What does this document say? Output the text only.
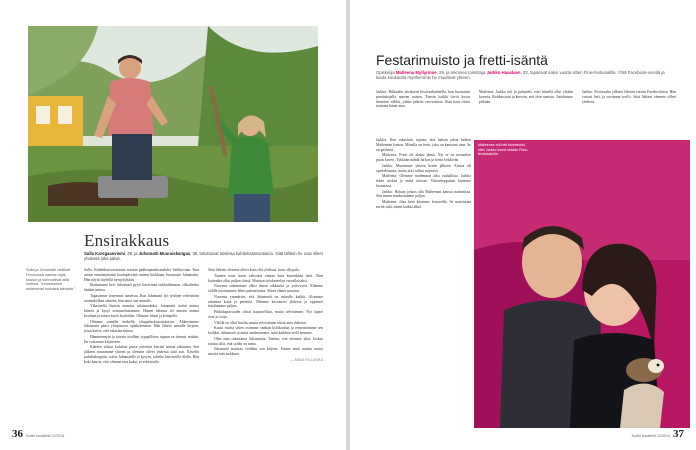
Ensirakkaus
Sulla Karsgaanviemi, 39, ja Juhamatti Muuraiskangas, 39, tutustuivat toisiinsa kahdeksasvuotiaina. Siitä lähtien he ovat olleet yhdessä joka päivä.
Sulla ja Juhamatti viettivät Porvoossa vanhan kylä-koulun ja kunnostivat siitä kotinsa. "Innostumme molemmat hulluista ideoista."

Sulla: Kahdeksasvuotiaana muutin pääkaupunkiseudulta Vaikkyvaan. Kun astuin ensimmäisenä koulupäivänä uuteen luokkaan, huomasin Juhamatin. Hän näytti täydellä hymyilyltään.

Ihastuimme heti. Juhamatti pyysi kaveriaan tarkkailemaan, vilkuileeko hänkin minua.

Tapasimme toisemme tunteista. Kun Juhamatti lyö tyttöjen vedettävän ranneakelkan ranteen, hän antoi sen minulle.

Yläasteella ihastus muuttui salaisuudeksi. Juhamatti tarttui minua käteen ja kysyi seurustelustamme. Hänen ideansa oli seurata minua kouluun ja tanssi myös kouluihin. Olimme hitaat ja kömpelöt.

Olimme samalla hetkellä ylioppilaskirjoituksissa. Ahkeroimme Juhamatti pääsi yliopistoon opiskelemaan. Hän lähetti minulle kirjeen, jossa kertoi, että rakastaa minua.

Hämmennyin ja totesin itselleni tyyppillisen tapaan en tiennyt mitään. En vastannut kirjeeseen.

Kahden viikon kuluttua pussa yritettiin kiertää minua aikuisina. Sen jälkeen muutimme yhteen ja olemme olleet yhdessä siitä asti. Kävelin puhelinkoppiin, soitin Juhamatille ja kysyin, tuleeko hän meille illalla. Hän koki kaurin, että olimme taas kaksi, ei sekä mulle.

Siitä lähtien olemme olleet kuin olla yhdessä, kuin olla pala.

Tunnen tosin itseni vahvaksi omaan kuin kenenkään tietä. Olen kuitenkin ollut paljon töissä. Muistan työskentelyn vaivalloiseksi.

Nuorena suhteemme alkoi ilman rakkautta ja ystävyyttä. Elämme välillä toisistamme lähes pakotettuina. Sitten elämä muuttui.

Nuorena ymmärsin, että Juhamatti on minulle kaikki. Aloimme rakentaa kotia ja perhettä. Olemme kasvaneet yhdessä ja oppineet toisiltamme paljon.

Pikkulapsivuodet olivat haasteellisia, mutta selvisimme. Nyt lapset ovat jo isoja.

Välillä on ollut huolia, mutta selvisimme niistä aina yhdessä.

Kuusi vuotta sitten ostimme vanhan kyläkoulun ja remontoimme sen kodiksi. Juhamatti ja minä unelmoimme, mitä kaikkea vielä teemme.

Olen aina rakastanut Juhamattia. Tuntuu, että olemme yhtä. Joskus tuntuu siltä, että sydän on sama.

Juhamatti muistaa vieläkin sen kirjeen. Emme enää muista muita asioita niin tarkkaan.

— ANNA KILLANRA
36 Kodin kuvalehti 12/2014
Festarimuisto ja fretti-isäntä
Opiskelija Matleena Myllyrinne, 29, ja tekninen toimittaja Jarkko Haaslaen, 33, tapasivat kaksi vuotta sitten Flow-festivaalilla. Yhtä Facebook-viestiä ja kuuta kuukautta myöhemmin he muuttivat yhteen.

Jarkko: Rikkaalla yksikseni festivaalialueella, kun huomasin puntinkojalla nuoren naisen. Tunsin kaikki tiiviit kuvat ihmisten väliltä, joihin jatkoin vetovoimaa. Ihan kuin olisin tuntenut hänet aina.

Matleena: Jarkko tuli ja puhutteli, ettei hänellä ollut yhtään kaveria. Rohkaistuin ja kerroin, että olen samoin. Juttelimme pitkään.

Jarkko: Festivaalin jälkeen lähetin viestin Facebookissa. Hän vastasi heti, ja sovimme treffit. Siitä lähtien olemme olleet yhdessä.

Jarkko: Kun rakastuin, tajusin, että haluan jakaa kaiken Matleenan kanssa. Minulla on fretti, joka on kanssani aina. Se on perhettä.

Matleena: Fretti oli aluksi jännä. Nyt se on minunkin paras kaveri. Tykkään nähdä Jarkon ja fretin leikkivän.

Jarkko: Muutimme yhteen kesän jälkeen. Alussa oli opettelemista, mutta arki rullasi nopeasti.

Matleena: Olemme molemmat aika rauhallisia. Jarkko tekee ruokaa ja minä siivoan. Viikonloppuisin käymme luonnossa.

Jarkko: Haluan joskus olla Matleenan kanssa naimisissa. Sitä ennen matkustamme paljon.

Matleena: Joka kesä käymme festareilla. Se muistuttaa meitä siitä, miten kaikki alkoi.

Matleenan tuli heti tunnetuksi, ettei Jarkko tunne ketään Flow-festivaaleilla.
Kodin kuvalehti 12/2014 37
